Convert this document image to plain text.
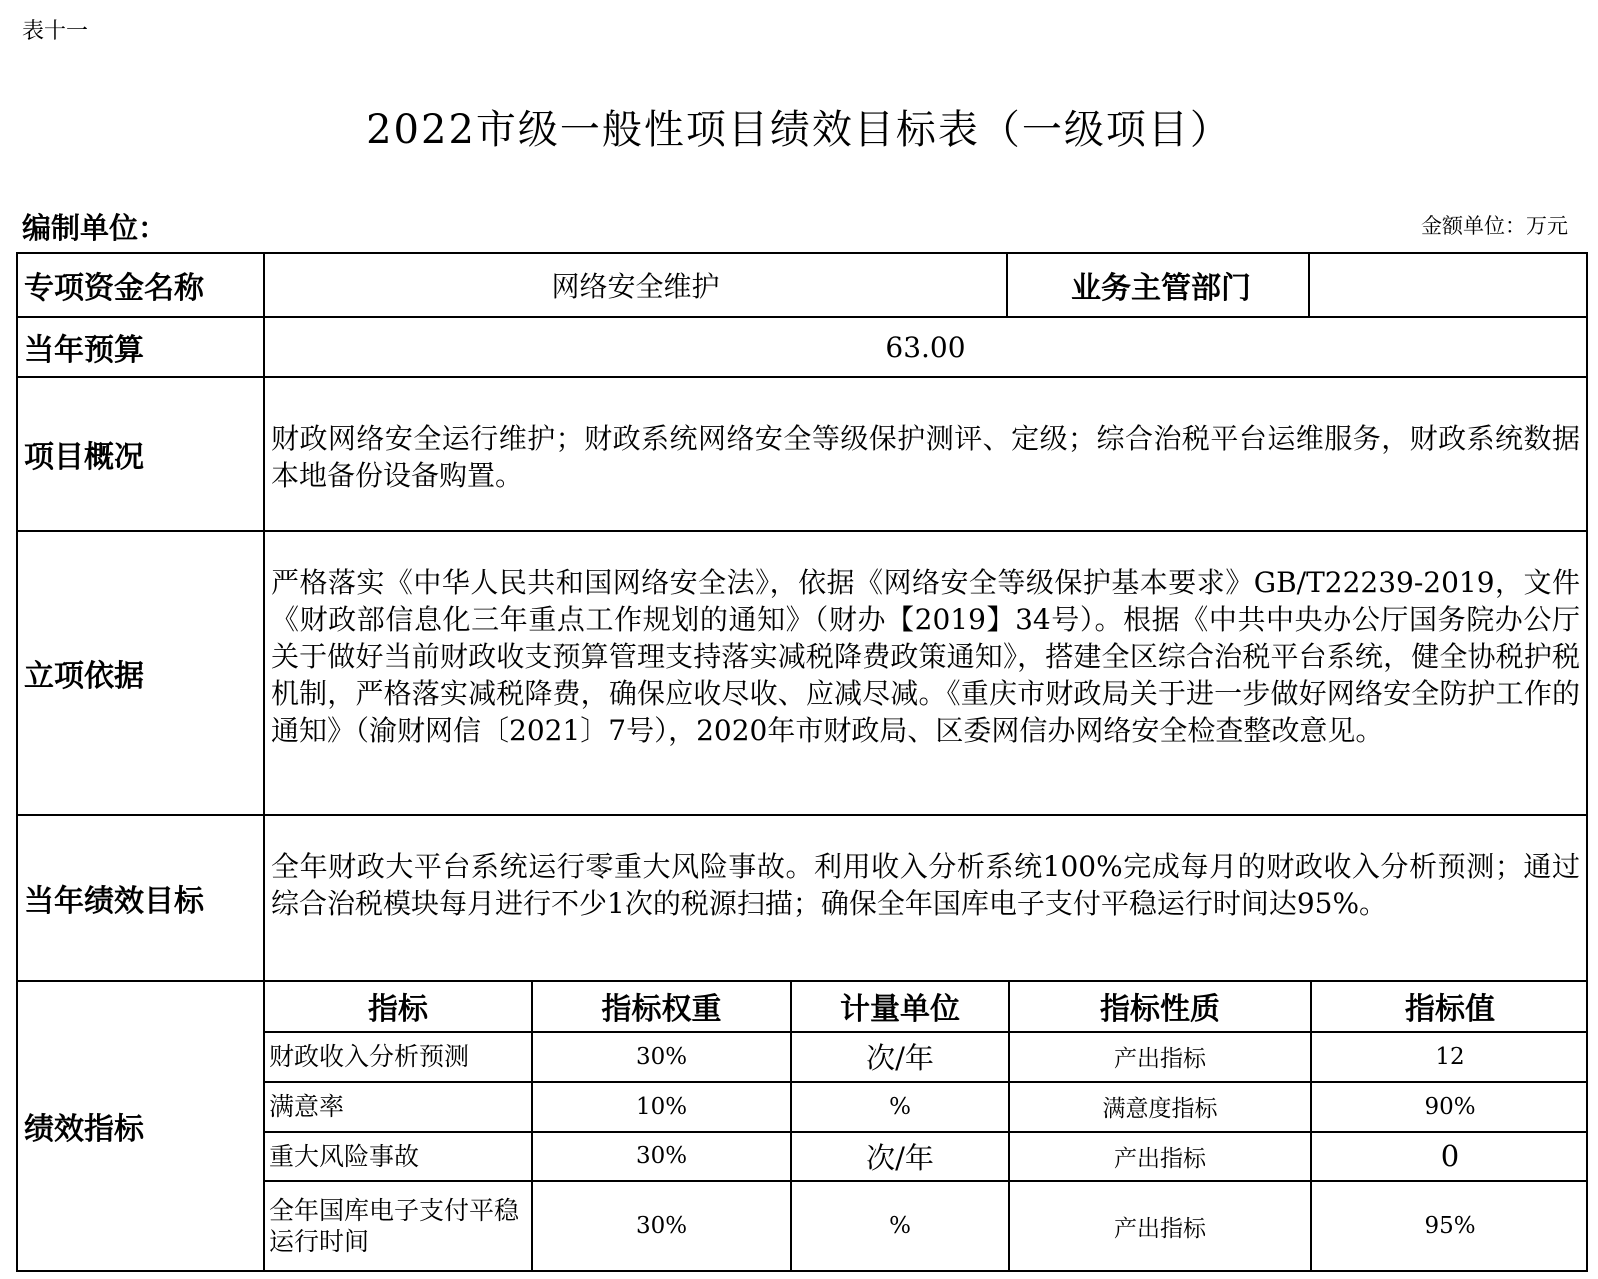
表十一
2022市级一般性项目绩效目标表（一级项目）
编制单位：	金额单位：万元
专项资金名称	网络安全维护	业务主管部门	
当年预算	63.00
项目概况	财政网络安全运行维护；财政系统网络安全等级保护测评、定级；综合治税平台运维服务，财政系统数据本地备份设备购置。
立项依据	严格落实《中华人民共和国网络安全法》，依据《网络安全等级保护基本要求》GB/T22239-2019，文件《财政部信息化三年重点工作规划的通知》（财办【2019】34号）。根据《中共中央办公厅国务院办公厅关于做好当前财政收支预算管理支持落实减税降费政策通知》，搭建全区综合治税平台系统，健全协税护税机制，严格落实减税降费，确保应收尽收、应减尽减。《重庆市财政局关于进一步做好网络安全防护工作的通知》（渝财网信〔2021〕7号），2020年市财政局、区委网信办网络安全检查整改意见。
当年绩效目标	全年财政大平台系统运行零重大风险事故。利用收入分析系统100%完成每月的财政收入分析预测；通过综合治税模块每月进行不少1次的税源扫描；确保全年国库电子支付平稳运行时间达95%。
绩效指标	
指标	指标权重	计量单位	指标性质	指标值
财政收入分析预测	30%	次/年	产出指标	12
满意率	10%	%	满意度指标	90%
重大风险事故	30%	次/年	产出指标	0
全年国库电子支付平稳运行时间	30%	%	产出指标	95%
